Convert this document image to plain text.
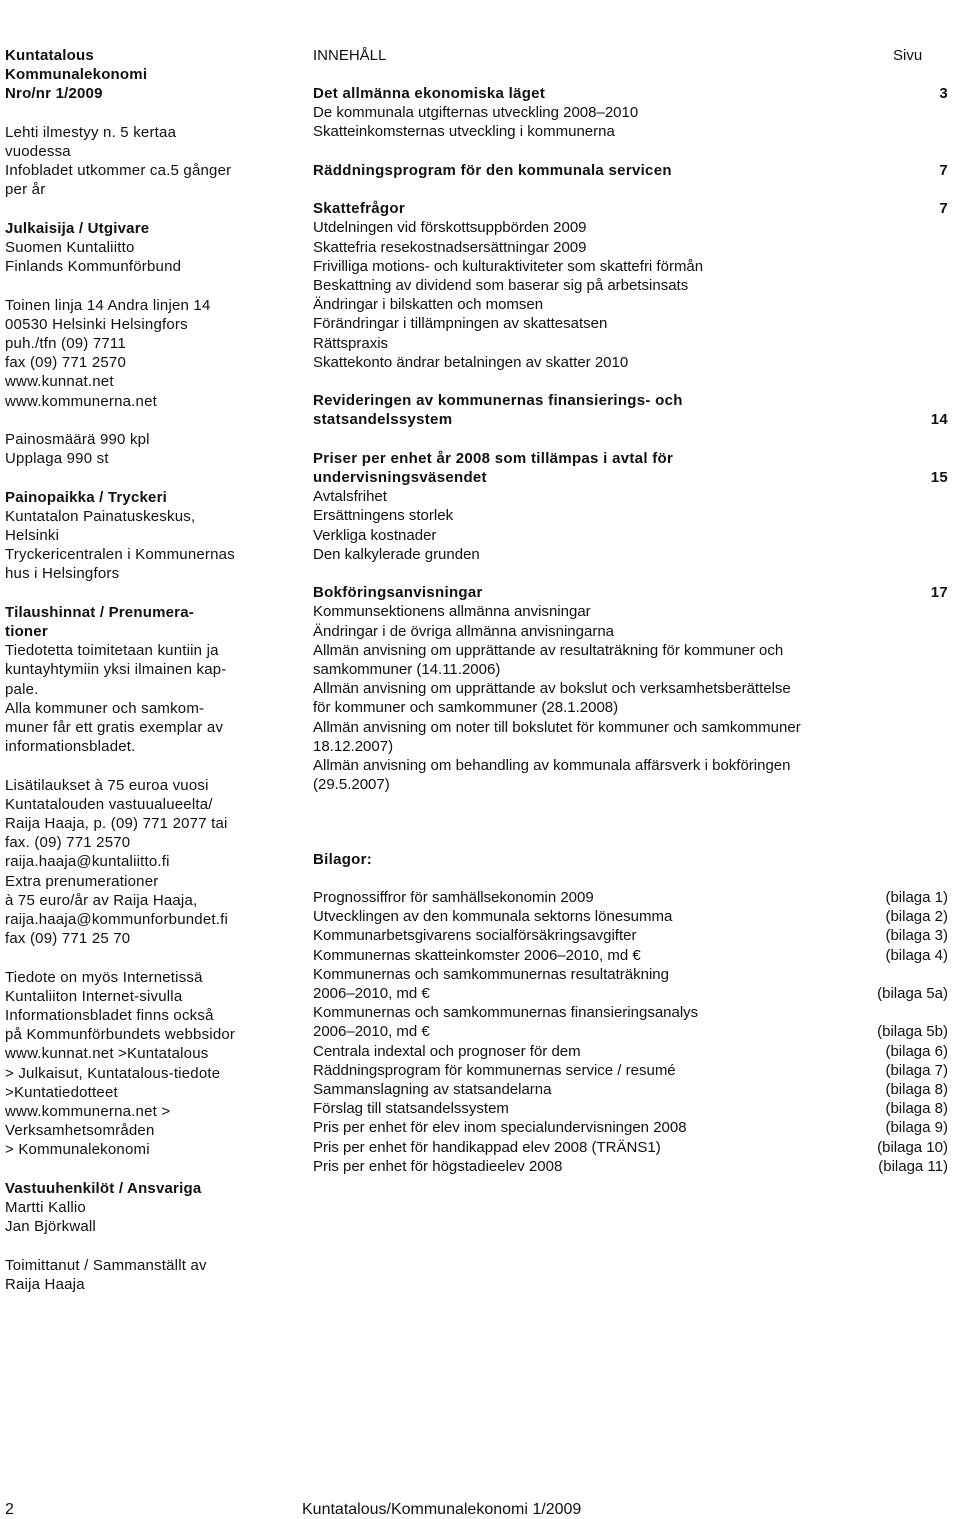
Kuntatalous
Kommunalekonomi
Nro/nr 1/2009
Lehti ilmestyy n. 5 kertaa
vuodessa
Infobladet utkommer ca.5 gånger
per år
Julkaisija / Utgivare
Suomen Kuntaliitto
Finlands Kommunförbund
Toinen linja 14 Andra linjen 14
00530 Helsinki Helsingfors
puh./tfn (09) 7711
fax (09) 771 2570
www.kunnat.net
www.kommunerna.net
Painosmäärä 990 kpl
Upplaga 990 st
Painopaikka / Tryckeri
Kuntatalon Painatuskeskus,
Helsinki
Tryckericentralen i Kommunernas
hus i Helsingfors
Tilaushinnat / Prenumera-
tioner
Tiedotetta toimitetaan kuntiin ja
kuntayhtymiin yksi ilmainen kap-
pale.
Alla kommuner och samkom-
muner får ett gratis exemplar av
informationsbladet.
Lisätilaukset à 75 euroa vuosi
Kuntatalouden vastuualueelta/
Raija Haaja, p. (09) 771 2077 tai
fax. (09) 771 2570
raija.haaja@kuntaliitto.fi
Extra prenumerationer
à 75 euro/år av Raija Haaja,
raija.haaja@kommunforbundet.fi
fax (09) 771 25 70
Tiedote on myös Internetissä
Kuntaliiton Internet-sivulla
Informationsbladet finns också
på Kommunförbundets webbsidor
www.kunnat.net >Kuntatalous
> Julkaisut, Kuntatalous-tiedote
>Kuntatiedotteet
www.kommunerna.net >
Verksamhetsområden
> Kommunalekonomi
Vastuuhenkilöt / Ansvariga
Martti Kallio
Jan Björkwall
Toimittanut / Sammanställt av
Raija Haaja
INNEHÅLL	Sivu
Det allmänna ekonomiska läget	3
De kommunala utgifternas utveckling 2008–2010
Skatteinkomsternas utveckling i kommunerna
Räddningsprogram för den kommunala servicen	7
Skattefrågor	7
Utdelningen vid förskottsuppbörden 2009
Skattefria resekostnadsersättningar 2009
Frivilliga motions- och kulturaktiviteter som skattefri förmån
Beskattning av dividend som baserar sig på arbetsinsats
Ändringar i bilskatten och momsen
Förändringar i tillämpningen av skattesatsen
Rättspraxis
Skattekonto ändrar betalningen av skatter 2010
Revideringen av kommunernas finansierings- och
statsandelssystem	14
Priser per enhet år 2008 som tillämpas i avtal för
undervisningsväsendet	15
Avtalsfrihet
Ersättningens storlek
Verkliga kostnader
Den kalkylerade grunden
Bokföringsanvisningar	17
Kommunsektionens allmänna anvisningar
Ändringar i de övriga allmänna anvisningarna
Allmän anvisning om upprättande av resultaträkning för kommuner och
samkommuner (14.11.2006)
Allmän anvisning om upprättande av bokslut och verksamhetsberättelse
för kommuner och samkommuner (28.1.2008)
Allmän anvisning om noter till bokslutet för kommuner och samkommuner
18.12.2007)
Allmän anvisning om behandling av kommunala affärsverk i bokföringen
(29.5.2007)
Bilagor:
Prognossiffror för samhällsekonomin 2009	(bilaga 1)
Utvecklingen av den kommunala sektorns lönesumma	(bilaga 2)
Kommunarbetsgivarens socialförsäkringsavgifter	(bilaga 3)
Kommunernas skatteinkomster 2006–2010, md €	(bilaga 4)
Kommunernas och samkommunernas resultaträkning
2006–2010, md €	(bilaga 5a)
Kommunernas och samkommunernas finansieringsanalys
2006–2010, md €	(bilaga 5b)
Centrala indextal och prognoser för dem	(bilaga 6)
Räddningsprogram för kommunernas service / resumé	(bilaga 7)
Sammanslagning av statsandelarna	(bilaga 8)
Förslag till statsandelssystem	(bilaga 8)
Pris per enhet för elev inom specialundervisningen 2008	(bilaga 9)
Pris per enhet för handikappad elev 2008 (TRÄNS1)	(bilaga 10)
Pris per enhet för högstadieelev 2008	(bilaga 11)
2	Kuntatalous/Kommunalekonomi 1/2009
